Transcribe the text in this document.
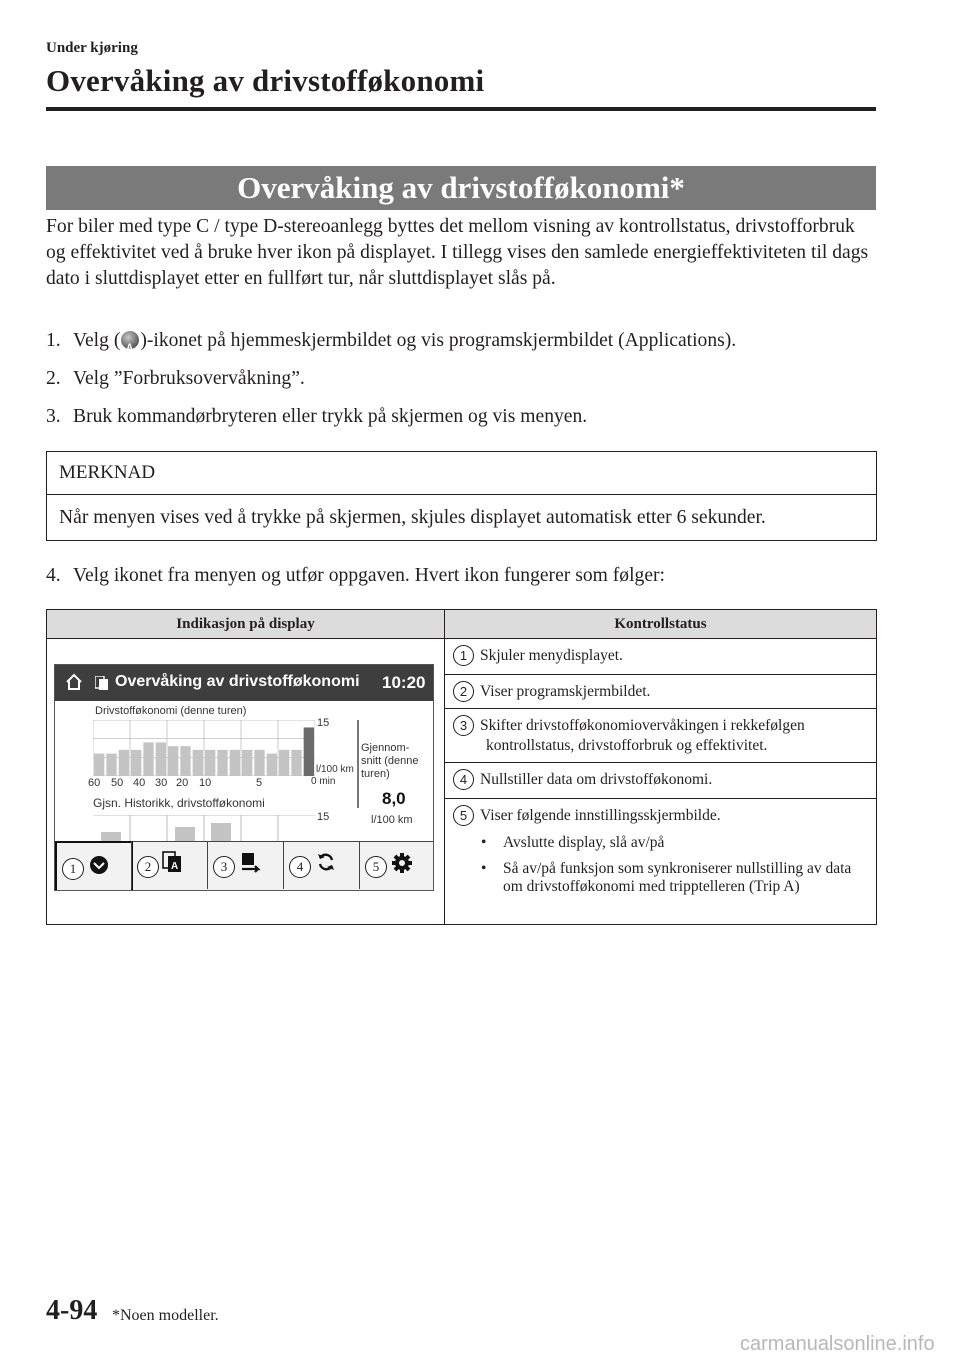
Under kjøring
Overvåking av drivstofføkonomi
Overvåking av drivstofføkonomi*

For biler med type C / type D-stereoanlegg byttes det mellom visning av kontrollstatus, drivstofforbruk og effektivitet ved å bruke hver ikon på displayet. I tillegg vises den samlede energieffektiviteten til dags dato i sluttdisplayet etter en fullført tur, når sluttdisplayet slås på.

1. Velg ( A )-ikonet på hjemmeskjermbildet og vis programskjermbildet (Applications).
2. Velg ”Forbruksovervåkning”.
3. Bruk kommandørbryteren eller trykk på skjermen og vis menyen.
MERKNAD
Når menyen vises ved å trykke på skjermen, skjules displayet automatisk etter 6 sekunder.
4. Velg ikonet fra menyen og utfør oppgaven. Hvert ikon fungerer som følger:
Indikasjon på display	Kontrollstatus

	1 Skjuler menydisplayet.

	2 Viser programskjermbildet.

	3 Skifter drivstofføkonomiovervåkingen i rekkefølgen
kontrollstatus, drivstofforbruk og effektivitet.

	4 Nullstiller data om drivstofføkonomi.

	5 Viser følgende innstillingsskjermbilde.
• Avslutte display, slå av/på
• Så av/på funksjon som synkroniserer nullstilling av data om drivstofføkonomi med tripptelleren (Trip A)
Overvåking av drivstofføkonomi 10:20
Drivstofføkonomi (denne turen)
15
l/100 km
0 min
60 50 40 30 20 10	5
Gjennom-
snitt (denne
turen)
8,0
l/100 km
Gjsn. Historikk, drivstofføkonomi
15
1	2	A	3	4	5
4-94 *Noen modeller.
carmanualsonline.info
